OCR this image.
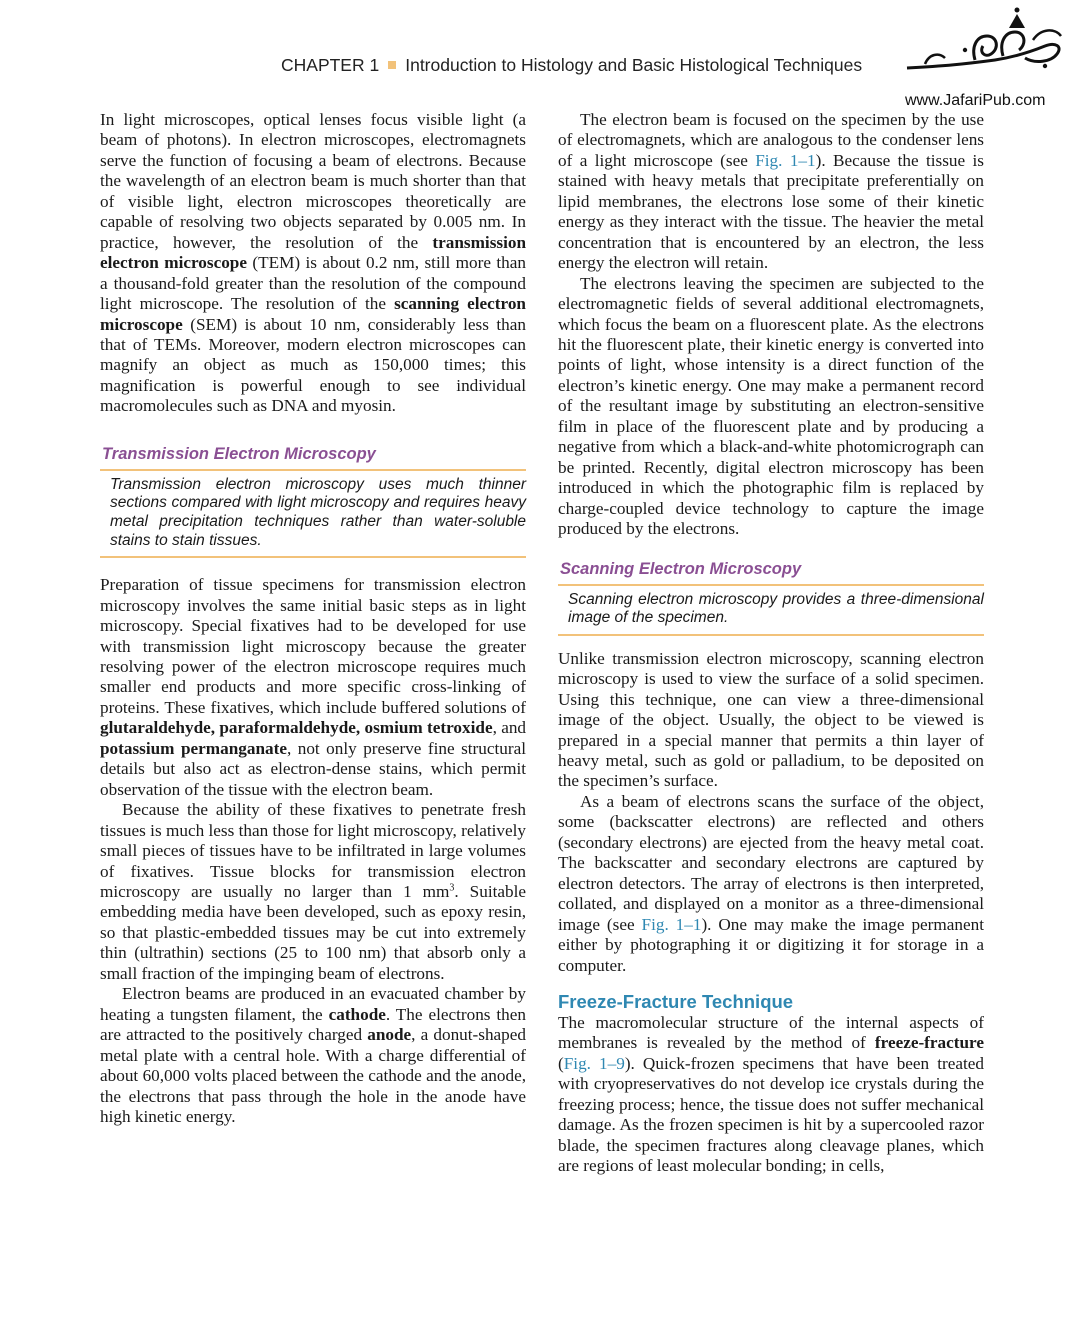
CHAPTER 1 Introduction to Histology and Basic Histological Techniques
www.JafariPub.com

In light microscopes, optical lenses focus visible light (a beam of photons). In electron microscopes, electromagnets serve the function of focusing a beam of electrons. Because the wavelength of an electron beam is much shorter than that of visible light, electron microscopes theoretically are capable of resolving two objects separated by 0.005 nm. In practice, however, the resolution of the transmission electron microscope (TEM) is about 0.2 nm, still more than a thousand-fold greater than the resolution of the compound light microscope. The resolution of the scanning electron microscope (SEM) is about 10 nm, considerably less than that of TEMs. Moreover, modern electron microscopes can magnify an object as much as 150,000 times; this magnification is powerful enough to see individual macromolecules such as DNA and myosin.

Transmission Electron Microscopy
Transmission electron microscopy uses much thinner sections compared with light microscopy and requires heavy metal precipitation techniques rather than water-soluble stains to stain tissues.

Preparation of tissue specimens for transmission electron microscopy involves the same initial basic steps as in light microscopy. Special fixatives had to be developed for use with transmission light microscopy because the greater resolving power of the electron microscope requires much smaller end products and more specific cross-linking of proteins. These fixatives, which include buffered solutions of glutaraldehyde, paraformaldehyde, osmium tetroxide, and potassium permanganate, not only preserve fine structural details but also act as electron-dense stains, which permit observation of the tissue with the electron beam.

Because the ability of these fixatives to penetrate fresh tissues is much less than those for light microscopy, relatively small pieces of tissues have to be infiltrated in large volumes of fixatives. Tissue blocks for transmission electron microscopy are usually no larger than 1 $mm^3$. Suitable embedding media have been developed, such as epoxy resin, so that plastic-embedded tissues may be cut into extremely thin (ultrathin) sections (25 to 100 nm) that absorb only a small fraction of the impinging beam of electrons.

Electron beams are produced in an evacuated chamber by heating a tungsten filament, the cathode. The electrons then are attracted to the positively charged anode, a donut-shaped metal plate with a central hole. With a charge differential of about 60,000 volts placed between the cathode and the anode, the electrons that pass through the hole in the anode have high kinetic energy.

The electron beam is focused on the specimen by the use of electromagnets, which are analogous to the condenser lens of a light microscope (see Fig. 1–1). Because the tissue is stained with heavy metals that precipitate preferentially on lipid membranes, the electrons lose some of their kinetic energy as they interact with the tissue. The heavier the metal concentration that is encountered by an electron, the less energy the electron will retain.

The electrons leaving the specimen are subjected to the electromagnetic fields of several additional electromagnets, which focus the beam on a fluorescent plate. As the electrons hit the fluorescent plate, their kinetic energy is converted into points of light, whose intensity is a direct function of the electron’s kinetic energy. One may make a permanent record of the resultant image by substituting an electron-sensitive film in place of the fluorescent plate and by producing a negative from which a black-and-white photomicrograph can be printed. Recently, digital electron microscopy has been introduced in which the photographic film is replaced by charge-coupled device technology to capture the image produced by the electrons.

Scanning Electron Microscopy
Scanning electron microscopy provides a three-dimensional image of the specimen.

Unlike transmission electron microscopy, scanning electron microscopy is used to view the surface of a solid specimen. Using this technique, one can view a three-dimensional image of the object. Usually, the object to be viewed is prepared in a special manner that permits a thin layer of heavy metal, such as gold or palladium, to be deposited on the specimen’s surface.

As a beam of electrons scans the surface of the object, some (backscatter electrons) are reflected and others (secondary electrons) are ejected from the heavy metal coat. The backscatter and secondary electrons are captured by electron detectors. The array of electrons is then interpreted, collated, and displayed on a monitor as a three-dimensional image (see Fig. 1–1). One may make the image permanent either by photographing it or digitizing it for storage in a computer.

Freeze-Fracture Technique

The macromolecular structure of the internal aspects of membranes is revealed by the method of freeze-fracture (Fig. 1–9). Quick-frozen specimens that have been treated with cryopreservatives do not develop ice crystals during the freezing process; hence, the tissue does not suffer mechanical damage. As the frozen specimen is hit by a supercooled razor blade, the specimen fractures along cleavage planes, which are regions of least molecular bonding; in cells,
